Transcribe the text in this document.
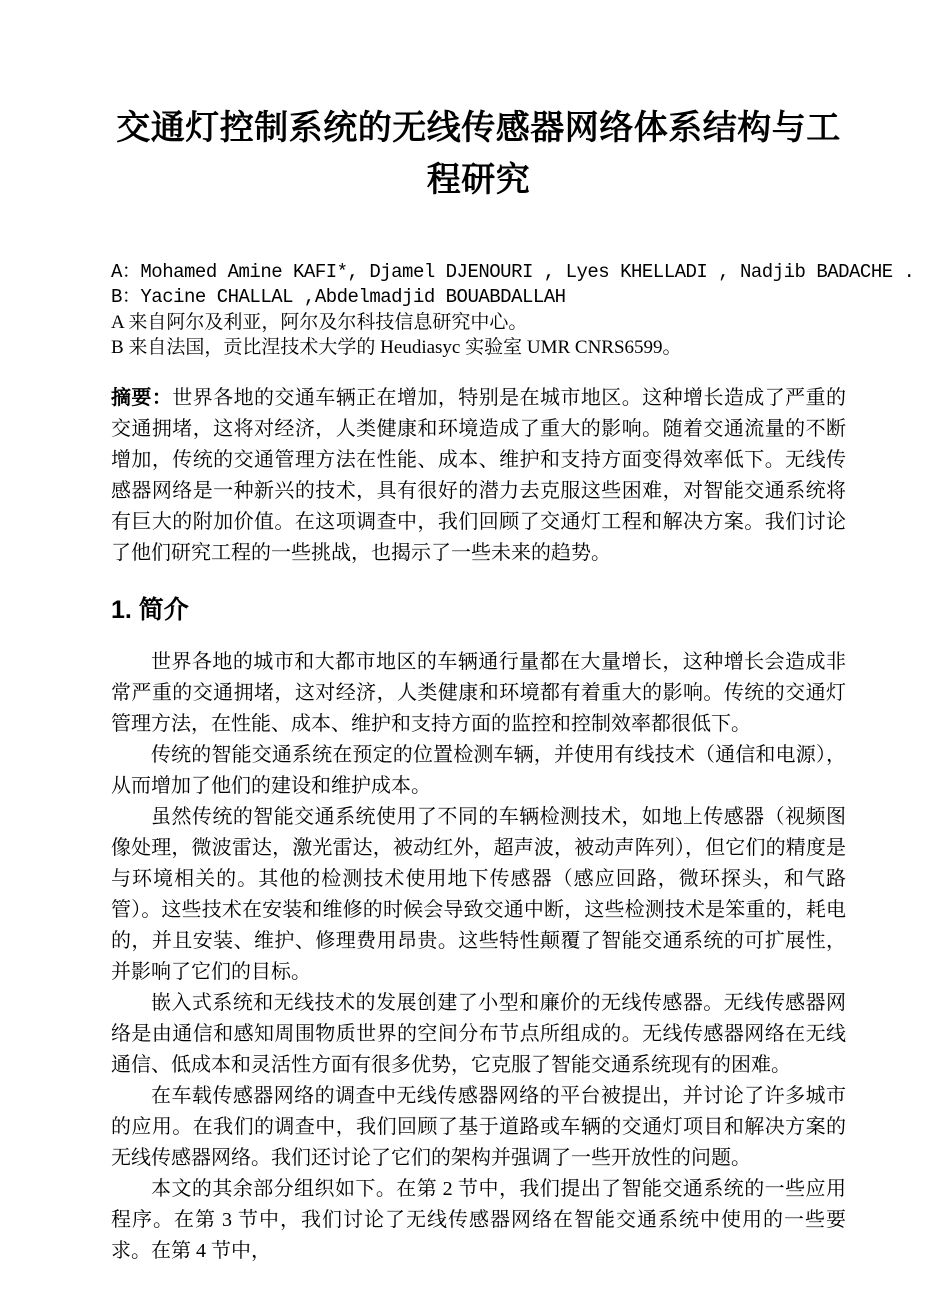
交通灯控制系统的无线传感器网络体系结构与工程研究
A：Mohamed Amine KAFI*, Djamel DJENOURI , Lyes KHELLADI , Nadjib BADACHE .
B：Yacine CHALLAL ,Abdelmadjid BOUABDALLAH
A 来自阿尔及利亚，阿尔及尔科技信息研究中心。
B 来自法国，贡比涅技术大学的 Heudiasyc 实验室 UMR CNRS6599。

摘要：世界各地的交通车辆正在增加，特别是在城市地区。这种增长造成了严重的交通拥堵，这将对经济，人类健康和环境造成了重大的影响。随着交通流量的不断增加，传统的交通管理方法在性能、成本、维护和支持方面变得效率低下。无线传感器网络是一种新兴的技术，具有很好的潜力去克服这些困难，对智能交通系统将有巨大的附加价值。在这项调查中，我们回顾了交通灯工程和解决方案。我们讨论了他们研究工程的一些挑战，也揭示了一些未来的趋势。

1. 简介

世界各地的城市和大都市地区的车辆通行量都在大量增长，这种增长会造成非常严重的交通拥堵，这对经济，人类健康和环境都有着重大的影响。传统的交通灯管理方法，在性能、成本、维护和支持方面的监控和控制效率都很低下。

传统的智能交通系统在预定的位置检测车辆，并使用有线技术（通信和电源），从而增加了他们的建设和维护成本。

虽然传统的智能交通系统使用了不同的车辆检测技术，如地上传感器（视频图像处理，微波雷达，激光雷达，被动红外，超声波，被动声阵列），但它们的精度是与环境相关的。其他的检测技术使用地下传感器（感应回路，微环探头，和气路管）。这些技术在安装和维修的时候会导致交通中断，这些检测技术是笨重的，耗电的，并且安装、维护、修理费用昂贵。这些特性颠覆了智能交通系统的可扩展性，并影响了它们的目标。

嵌入式系统和无线技术的发展创建了小型和廉价的无线传感器。无线传感器网络是由通信和感知周围物质世界的空间分布节点所组成的。无线传感器网络在无线通信、低成本和灵活性方面有很多优势，它克服了智能交通系统现有的困难。

在车载传感器网络的调查中无线传感器网络的平台被提出，并讨论了许多城市的应用。在我们的调查中，我们回顾了基于道路或车辆的交通灯项目和解决方案的无线传感器网络。我们还讨论了它们的架构并强调了一些开放性的问题。

本文的其余部分组织如下。在第 2 节中，我们提出了智能交通系统的一些应用程序。在第 3 节中，我们讨论了无线传感器网络在智能交通系统中使用的一些要求。在第 4 节中，
